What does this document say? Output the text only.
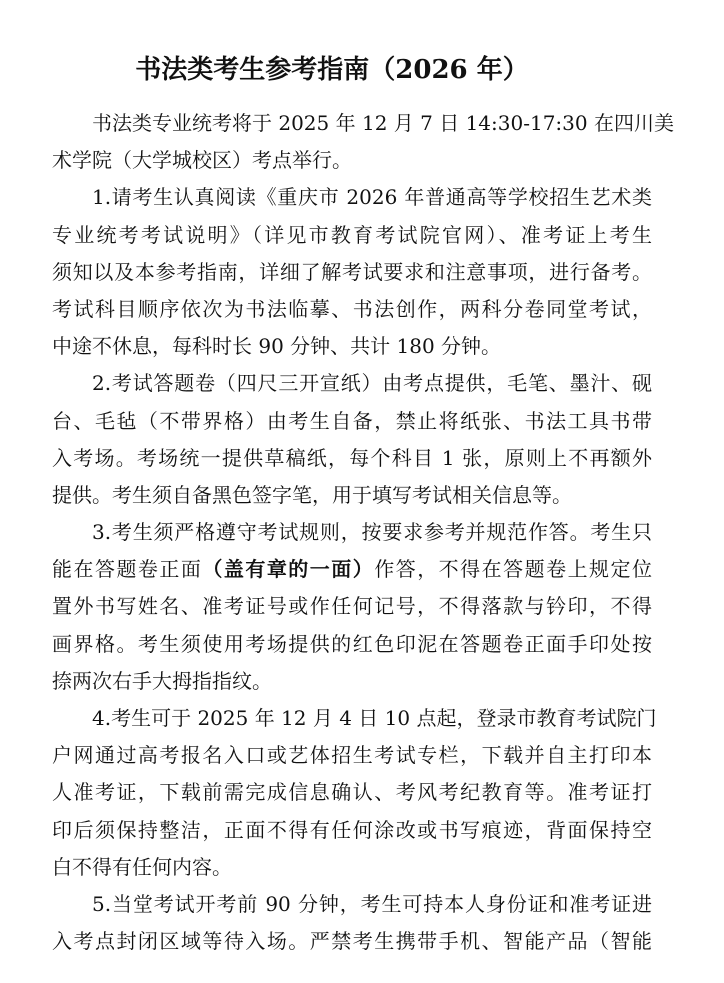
书法类考生参考指南（2026 年）
书法类专业统考将于 2025 年 12 月 7 日 14:30-17:30 在四川美
术学院（大学城校区）考点举行。
1.请考生认真阅读《重庆市 2026 年普通高等学校招生艺术类
专业统考考试说明》（详见市教育考试院官网）、准考证上考生
须知以及本参考指南，详细了解考试要求和注意事项，进行备考。
考试科目顺序依次为书法临摹、书法创作，两科分卷同堂考试，
中途不休息，每科时长 90 分钟、共计 180 分钟。
2.考试答题卷（四尺三开宣纸）由考点提供，毛笔、墨汁、砚
台、毛毡（不带界格）由考生自备，禁止将纸张、书法工具书带
入考场。考场统一提供草稿纸，每个科目 1 张，原则上不再额外
提供。考生须自备黑色签字笔，用于填写考试相关信息等。
3.考生须严格遵守考试规则，按要求参考并规范作答。考生只
能在答题卷正面（盖有章的一面）作答，不得在答题卷上规定位
置外书写姓名、准考证号或作任何记号，不得落款与钤印，不得
画界格。考生须使用考场提供的红色印泥在答题卷正面手印处按
捺两次右手大拇指指纹。
4.考生可于 2025 年 12 月 4 日 10 点起，登录市教育考试院门
户网通过高考报名入口或艺体招生考试专栏，下载并自主打印本
人准考证，下载前需完成信息确认、考风考纪教育等。准考证打
印后须保持整洁，正面不得有任何涂改或书写痕迹，背面保持空
白不得有任何内容。
5.当堂考试开考前 90 分钟，考生可持本人身份证和准考证进
入考点封闭区域等待入场。严禁考生携带手机、智能产品（智能
